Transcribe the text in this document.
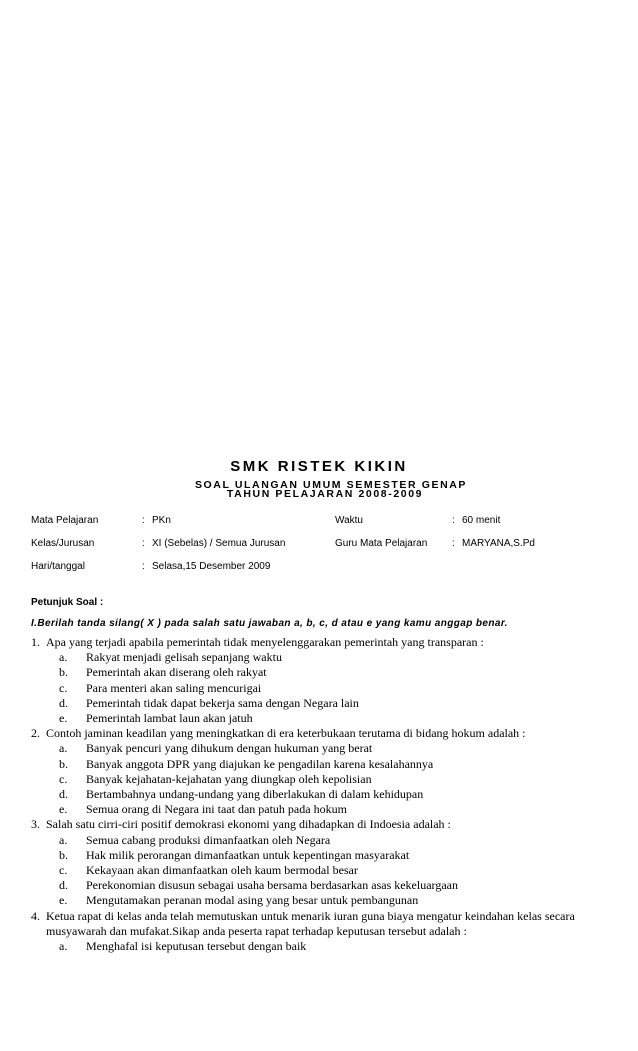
SMK RISTEK KIKIN
SOAL ULANGAN UMUM SEMESTER GENAP
TAHUN PELAJARAN 2008-2009
Mata Pelajaran	: PKn	Waktu	: 60 menit
Kelas/Jurusan	: XI (Sebelas) / Semua Jurusan	Guru Mata Pelajaran : MARYANA,S.Pd
Hari/tanggal	: Selasa,15 Desember 2009
Petunjuk Soal :
I.Berilah tanda silang( X ) pada salah satu jawaban a, b, c, d atau e yang kamu anggap benar.
1. Apa yang terjadi apabila pemerintah tidak menyelenggarakan pemerintah yang transparan :
a. Rakyat menjadi gelisah sepanjang waktu
b. Pemerintah akan diserang oleh rakyat
c. Para menteri akan saling mencurigai
d. Pemerintah tidak dapat bekerja sama dengan Negara lain
e. Pemerintah lambat laun akan jatuh
2. Contoh jaminan keadilan yang meningkatkan di era keterbukaan terutama di bidang hokum adalah :
a. Banyak pencuri yang dihukum dengan hukuman yang berat
b. Banyak anggota DPR yang diajukan ke pengadilan karena kesalahannya
c. Banyak kejahatan-kejahatan yang diungkap oleh kepolisian
d. Bertambahnya undang-undang yang diberlakukan di dalam kehidupan
e. Semua orang di Negara ini taat dan patuh pada hokum
3. Salah satu cirri-ciri positif demokrasi ekonomi yang dihadapkan di Indoesia adalah :
a. Semua cabang produksi dimanfaatkan oleh Negara
b. Hak milik perorangan dimanfaatkan untuk kepentingan masyarakat
c. Kekayaan akan dimanfaatkan oleh kaum bermodal besar
d. Perekonomian disusun sebagai usaha bersama berdasarkan asas kekeluargaan
e. Mengutamakan peranan modal asing yang besar untuk pembangunan
4. Ketua rapat di kelas anda telah memutuskan untuk menarik iuran guna biaya mengatur keindahan kelas secara musyawarah dan mufakat.Sikap anda peserta rapat terhadap keputusan tersebut adalah :
a. Menghafal isi keputusan tersebut dengan baik
